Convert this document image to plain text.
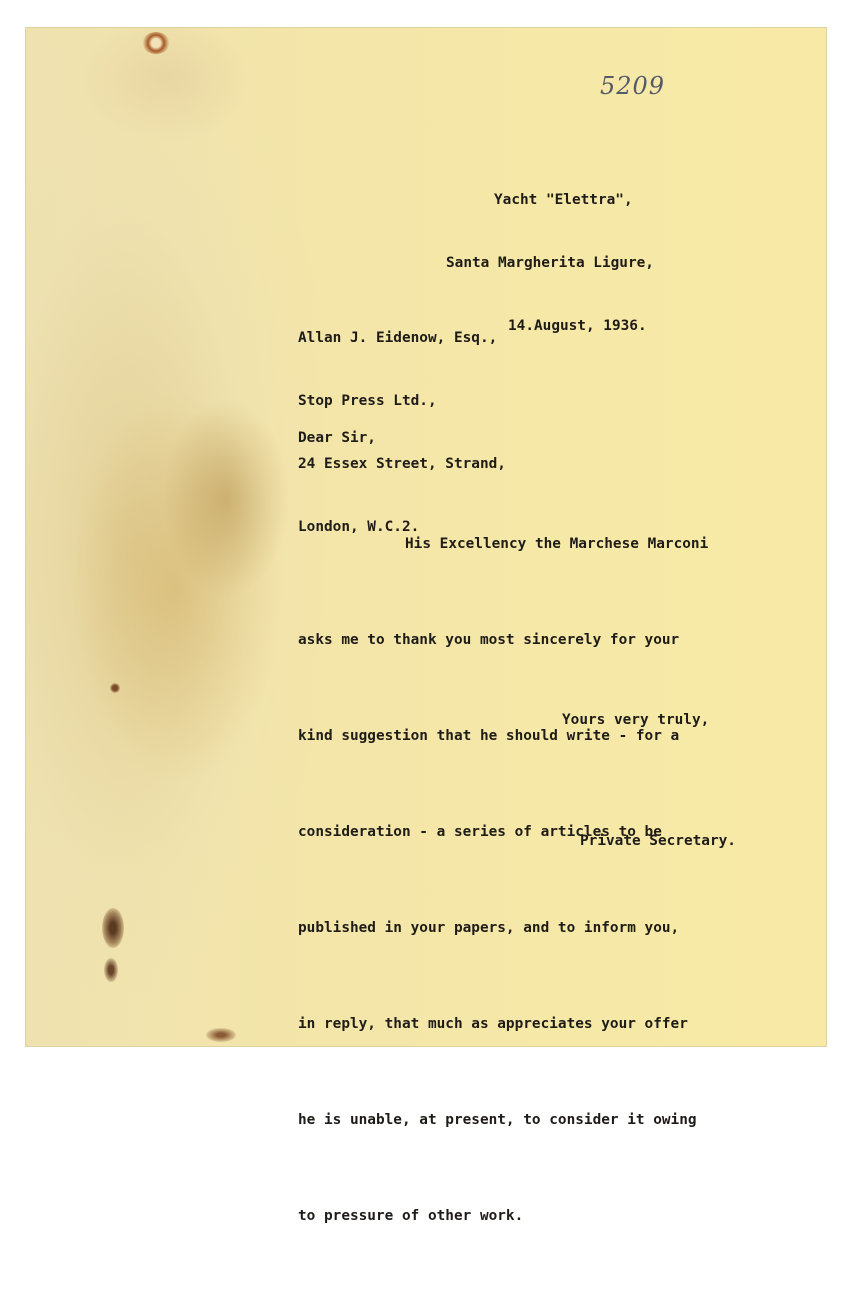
5209

Yacht "Elettra",

Santa Margherita Ligure,

14.August, 1936.

Allan J. Eidenow, Esq.,

Stop Press Ltd.,

24 Essex Street, Strand,

London, W.C.2.

Dear Sir,

His Excellency the Marchese Marconi

asks me to thank you most sincerely for your

kind suggestion that he should write - for a

consideration - a series of articles to be

published in your papers, and to inform you,

in reply, that much as appreciates your offer

he is unable, at present, to consider it owing

to pressure of other work.

Yours very truly,
Private Secretary.
